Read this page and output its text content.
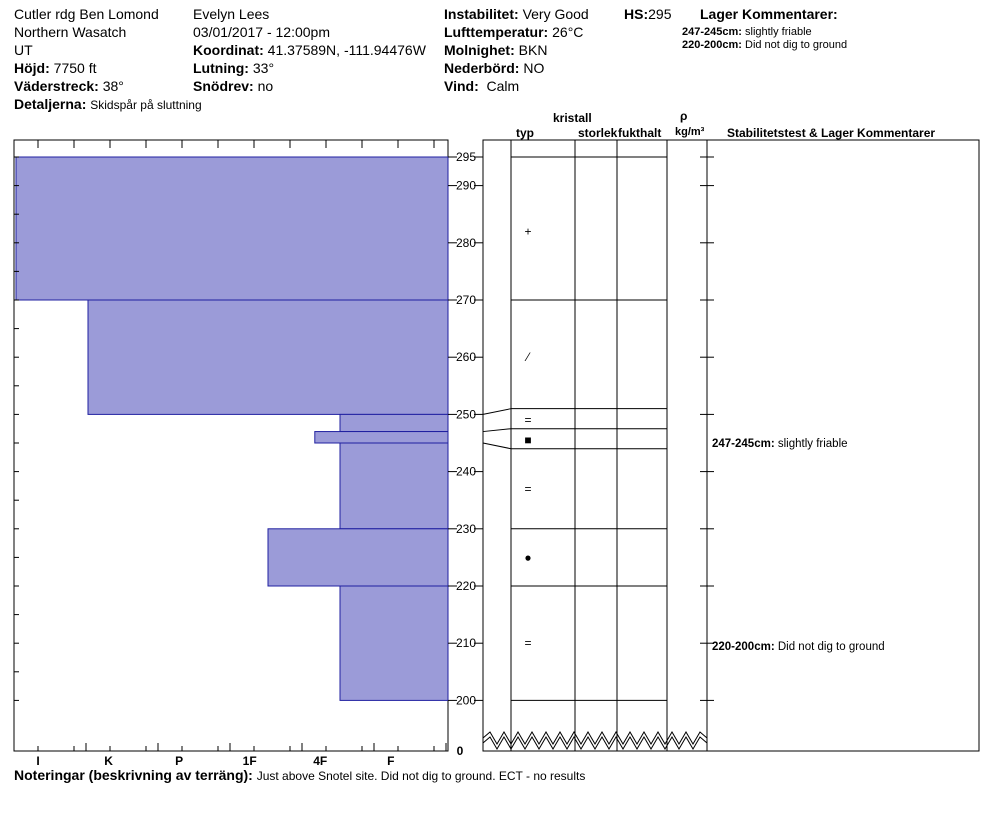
Cutler rdg Ben Lomond
Northern Wasatch
UT
Höjd: 7750 ft
Väderstreck: 38°
Detaljerna: Skidspår på sluttning
Evelyn Lees
03/01/2017 - 12:00pm
Koordinat: 41.37589N, -111.94476W
Lutning: 33°
Snödrev: no
Instabilitet: Very Good
Lufttemperatur: 26°C
Molnighet: BKN
Nederbörd: NO
Vind: Calm
HS:295 Lager Kommentarer:
247-245cm: slightly friable
220-200cm: Did not dig to ground
kristall
typ	storlek fukthalt
ρ
kg/m³ Stabilitetstest & Lager Kommentarer
I	K	P	1F	4F	F
200
210
220
230
240
250
260
270
280
290
295
0
+
⁄
=
■
=
●
=
247-245cm: slightly friable
220-200cm: Did not dig to ground
Noteringar (beskrivning av terräng): Just above Snotel site. Did not dig to ground. ECT - no results
